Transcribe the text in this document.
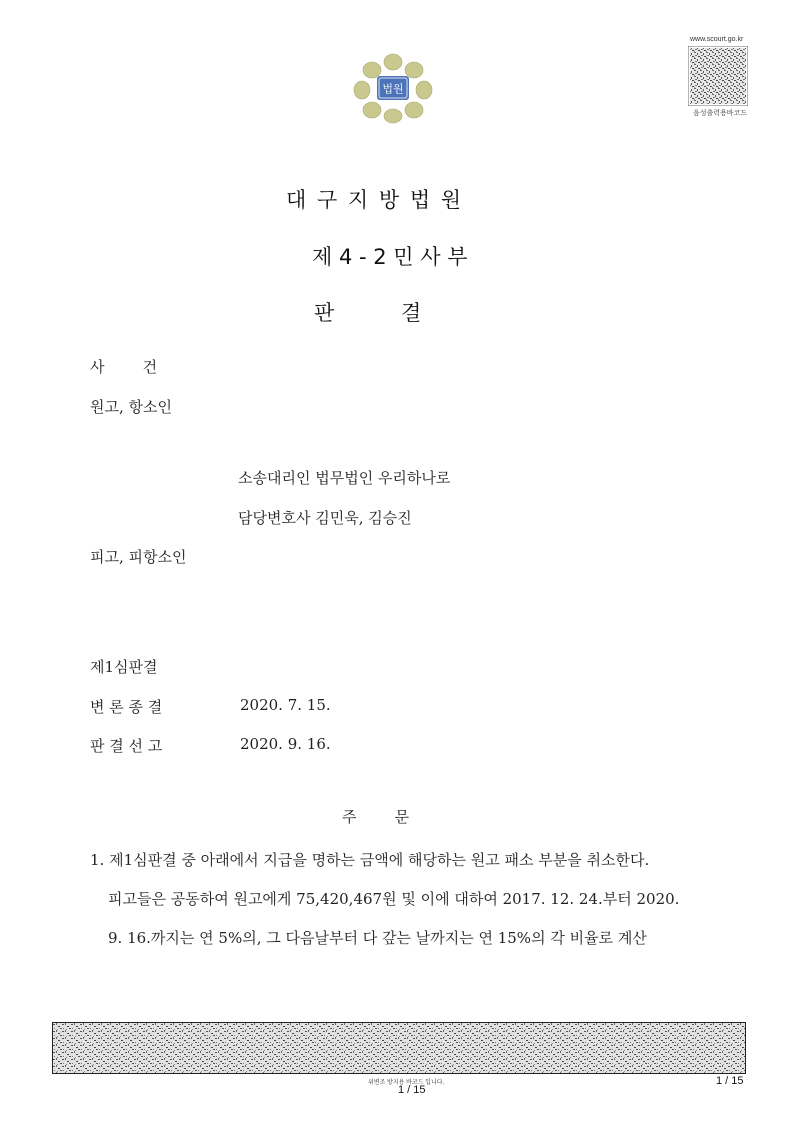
법원
www.scourt.go.kr
음성출력용바코드
대 구 지 방 법 원
제 4 - 2 민 사 부
판          결
사        건
원고, 항소인
소송대리인 법무법인 우리하나로
담당변호사 김민욱, 김승진
피고, 피항소인
제1심판결
변 론 종 결	2020. 7. 15.
판 결 선 고	2020. 9. 16.
주        문
1. 제1심판결 중 아래에서 지급을 명하는 금액에 해당하는 원고 패소 부분을 취소한다.
피고들은 공동하여 원고에게 75,420,467원 및 이에 대하여 2017. 12. 24.부터 2020.
9. 16.까지는 연 5%의, 그 다음날부터 다 갚는 날까지는 연 15%의 각 비율로 계산
위변조 방지용 바코드 입니다.
1 / 15
1 / 15
